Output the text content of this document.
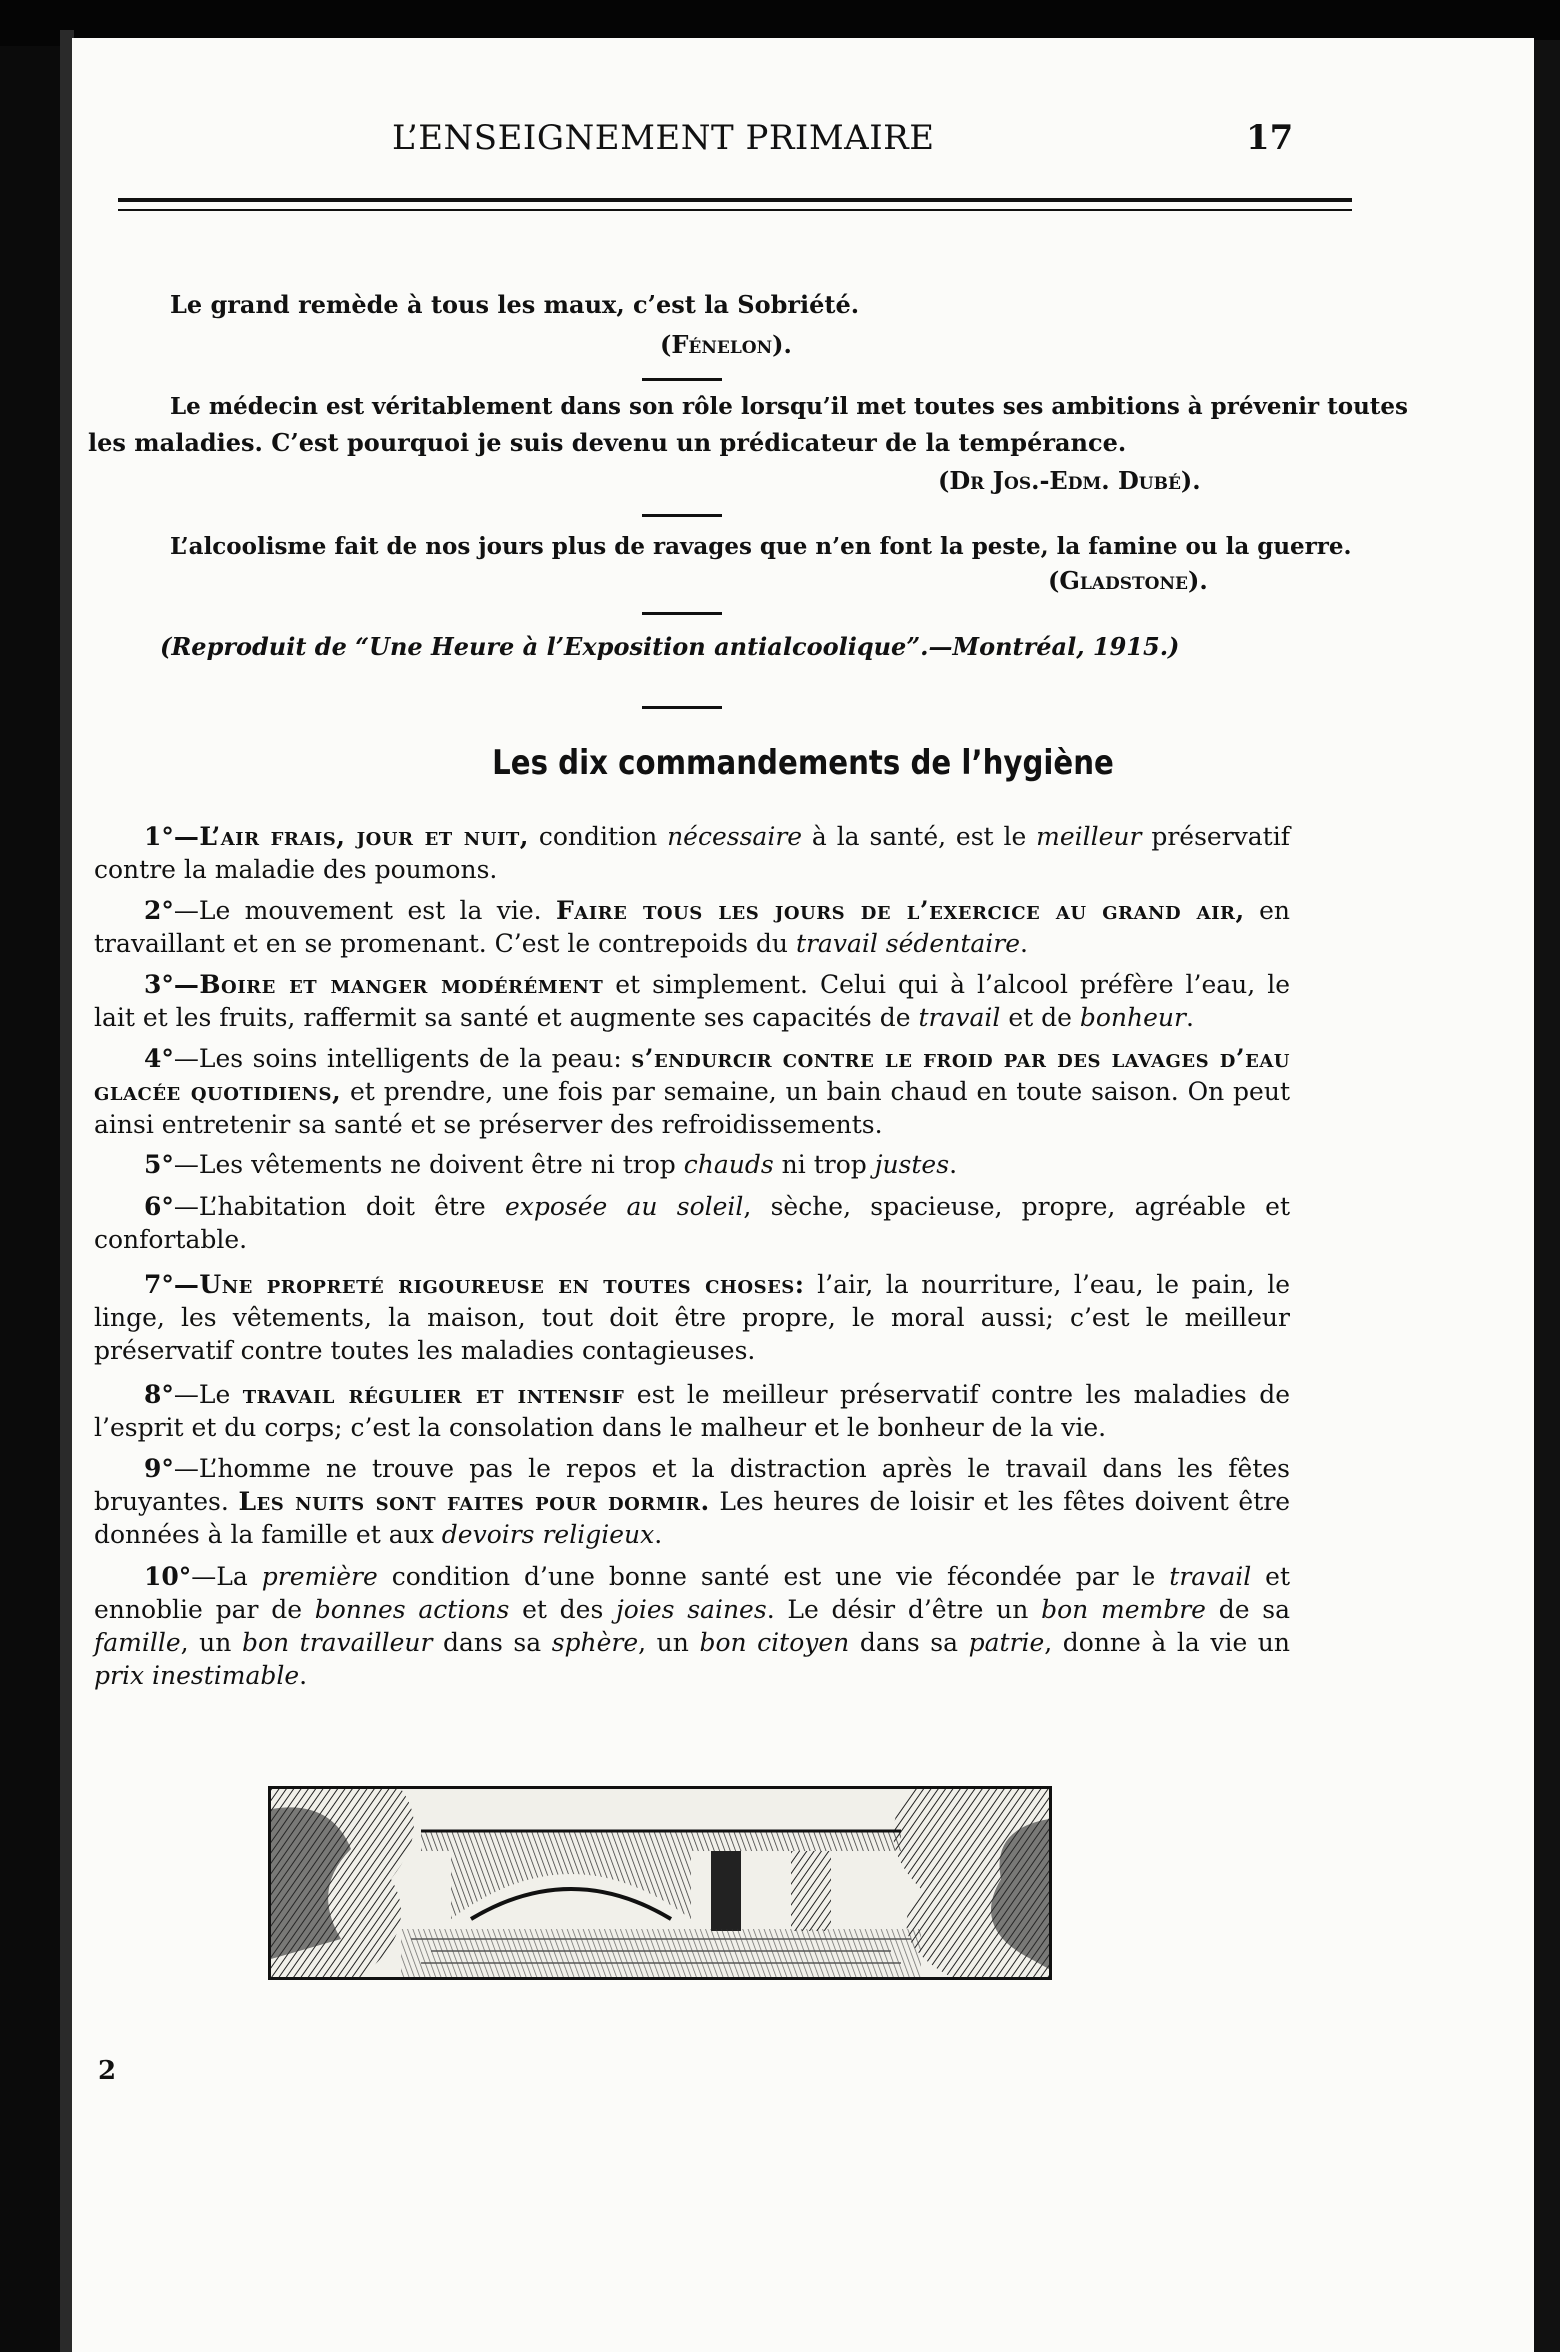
L’ENSEIGNEMENT PRIMAIRE	17
Le grand remède à tous les maux, c’est la Sobriété.
(Fénelon).
Le médecin est véritablement dans son rôle lorsqu’il met toutes ses ambitions à prévenir toutes
les maladies. C’est pourquoi je suis devenu un prédicateur de la tempérance.
(Dr Jos.-Edm. Dubé).
L’alcoolisme fait de nos jours plus de ravages que n’en font la peste, la famine ou la guerre.
(Gladstone).
(Reproduit de “Une Heure à l’Exposition antialcoolique”.—Montréal, 1915.)
Les dix commandements de l’hygiène
  1°—L’air frais, jour et nuit, condition nécessaire à la santé, est le meilleur préservatif contre la maladie des poumons.
  2°—Le mouvement est la vie. Faire tous les jours de l’exercice au grand air, en travaillant et en se promenant. C’est le contrepoids du travail sédentaire.
  3°—Boire et manger modérément et simplement. Celui qui à l’alcool préfère l’eau, le lait et les fruits, raffermit sa santé et augmente ses capacités de travail et de bonheur.
  4°—Les soins intelligents de la peau: s’endurcir contre le froid par des lavages d’eau glacée quotidiens, et prendre, une fois par semaine, un bain chaud en toute saison. On peut ainsi entretenir sa santé et se préserver des refroidissements.
  5°—Les vêtements ne doivent être ni trop chauds ni trop justes.
  6°—L’habitation doit être exposée au soleil, sèche, spacieuse, propre, agréable et confortable.
  7°—Une propreté rigoureuse en toutes choses: l’air, la nourriture, l’eau, le pain, le linge, les vêtements, la maison, tout doit être propre, le moral aussi; c’est le meilleur préservatif contre toutes les maladies contagieuses.
  8°—Le travail régulier et intensif est le meilleur préservatif contre les maladies de l’esprit et du corps; c’est la consolation dans le malheur et le bonheur de la vie.
  9°—L’homme ne trouve pas le repos et la distraction après le travail dans les fêtes bruyantes. Les nuits sont faites pour dormir. Les heures de loisir et les fêtes doivent être données à la famille et aux devoirs religieux.
  10°—La première condition d’une bonne santé est une vie fécondée par le travail et ennoblie par de bonnes actions et des joies saines. Le désir d’être un bon membre de sa famille, un bon travailleur dans sa sphère, un bon citoyen dans sa patrie, donne à la vie un prix inestimable.
2
